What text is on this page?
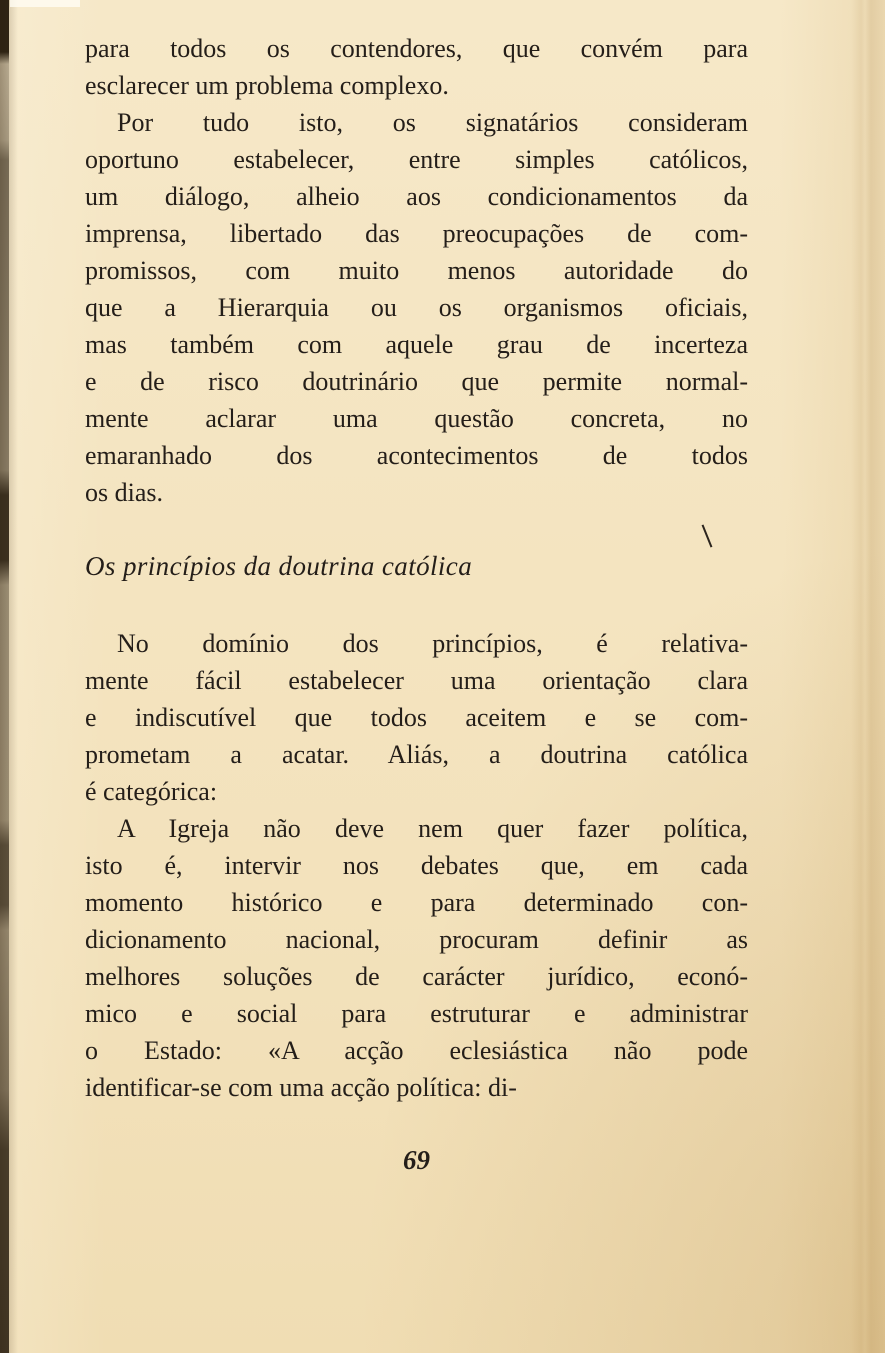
para todos os contendores, que convém para
esclarecer um problema complexo.
Por tudo isto, os signatários consideram
oportuno estabelecer, entre simples católicos,
um diálogo, alheio aos condicionamentos da
imprensa, libertado das preocupações de com-
promissos, com muito menos autoridade do
que a Hierarquia ou os organismos oficiais,
mas também com aquele grau de incerteza
e de risco doutrinário que permite normal-
mente aclarar uma questão concreta, no
emaranhado dos acontecimentos de todos
os dias.
Os princípios da doutrina católica
No domínio dos princípios, é relativa-
mente fácil estabelecer uma orientação clara
e indiscutível que todos aceitem e se com-
prometam a acatar. Aliás, a doutrina católica
é categórica:
A Igreja não deve nem quer fazer política,
isto é, intervir nos debates que, em cada
momento histórico e para determinado con-
dicionamento nacional, procuram definir as
melhores soluções de carácter jurídico, econó-
mico e social para estruturar e administrar
o Estado: «A acção eclesiástica não pode
identificar-se com uma acção política: di-
69
